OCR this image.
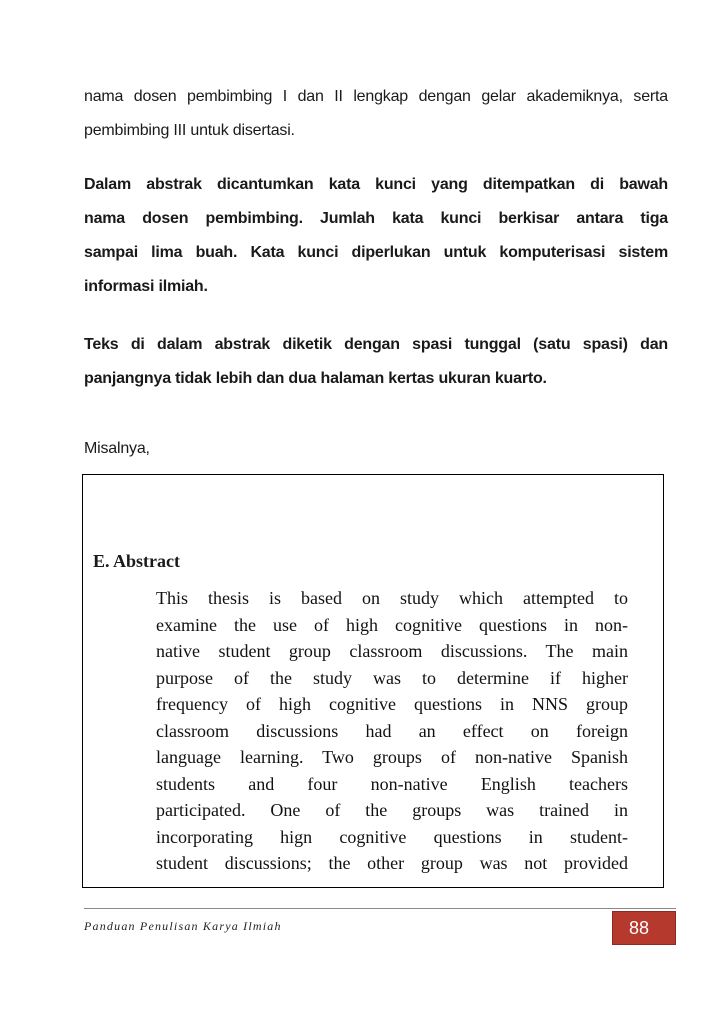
nama dosen pembimbing I dan II lengkap dengan gelar akademiknya, serta
pembimbing III untuk disertasi.
Dalam abstrak dicantumkan kata kunci yang ditempatkan di bawah
nama dosen pembimbing. Jumlah kata kunci berkisar antara tiga
sampai lima buah. Kata kunci diperlukan untuk komputerisasi sistem
informasi ilmiah.
Teks di dalam abstrak diketik dengan spasi tunggal (satu spasi) dan
panjangnya tidak lebih dan dua halaman kertas ukuran kuarto.
Misalnya,
E. Abstract
This thesis is based on study which attempted to
examine the use of high cognitive questions in non-
native student group classroom discussions. The main
purpose of the study was to determine if higher
frequency of high cognitive questions in NNS group
classroom discussions had an effect on foreign
language learning. Two groups of non-native Spanish
students and four non-native English teachers
participated. One of the groups was trained in
incorporating hign cognitive questions in student-
student discussions; the other group was not provided
Panduan Penulisan Karya Ilmiah	88
